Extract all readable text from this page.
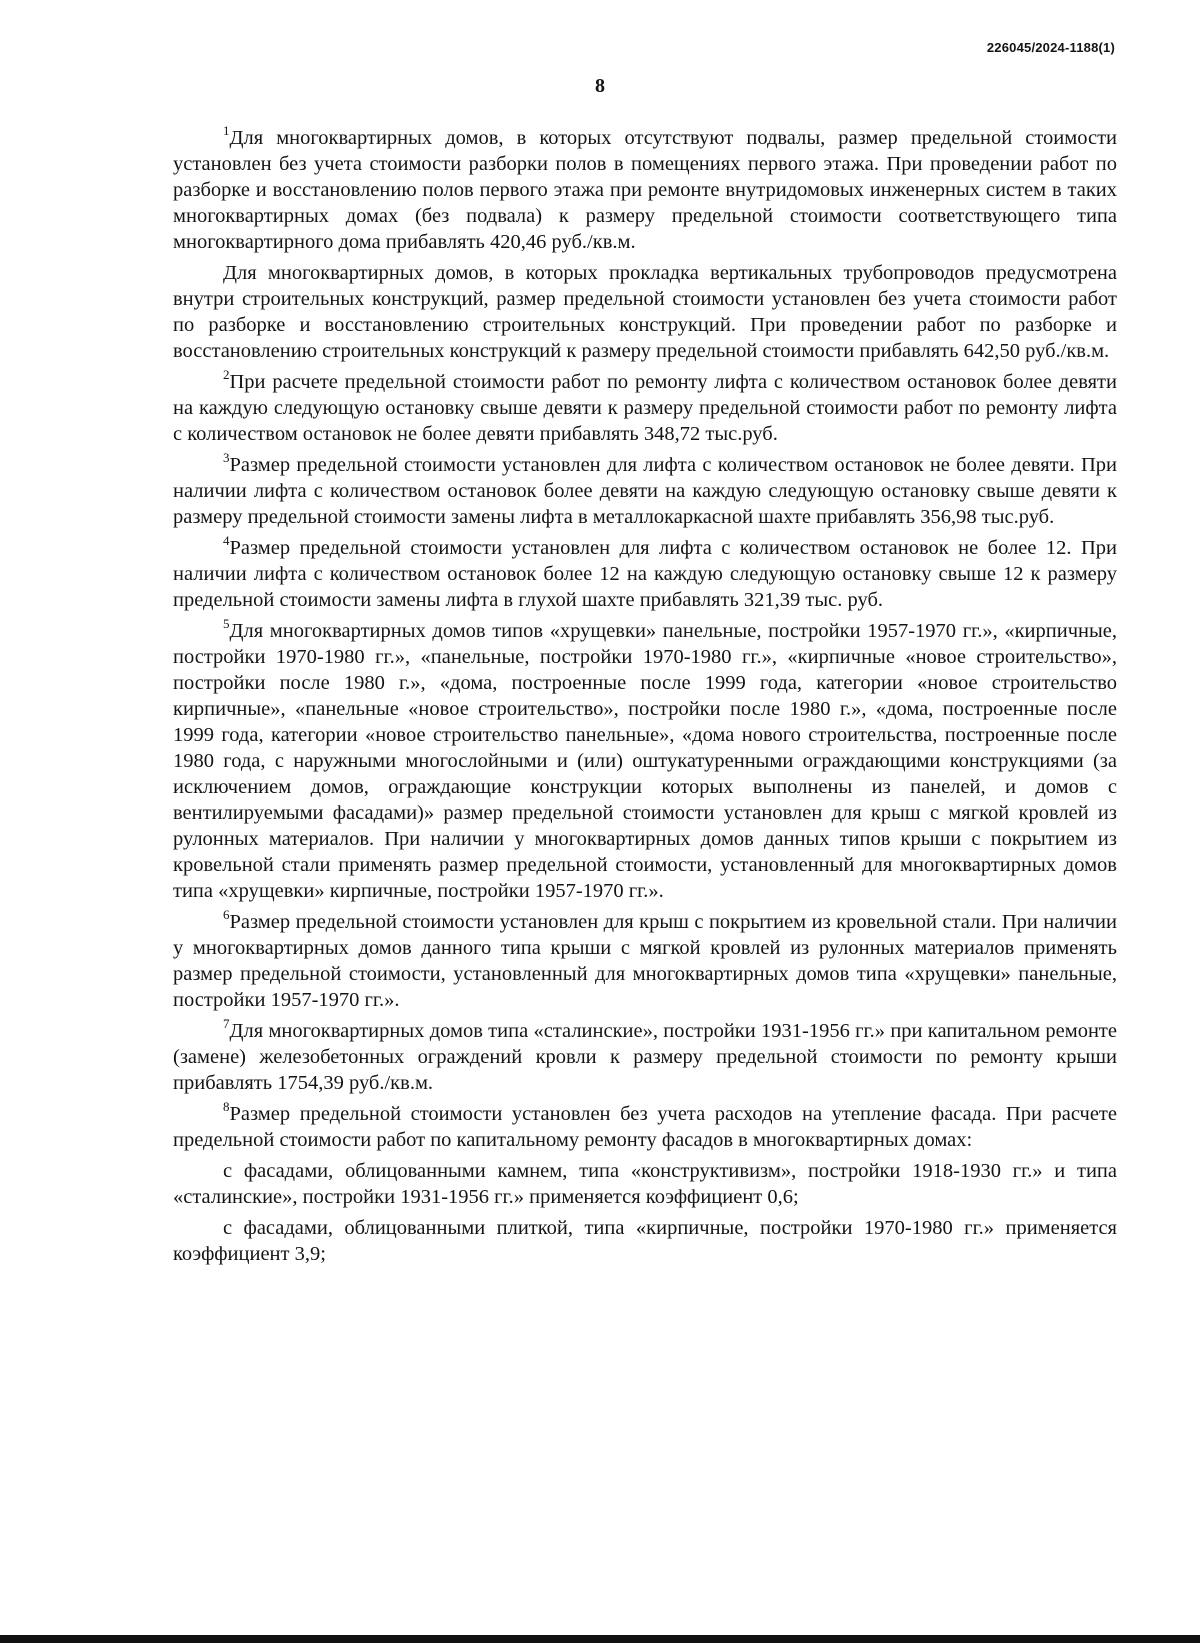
226045/2024-1188(1)
8

$^1$Для многоквартирных домов, в которых отсутствуют подвалы, размер предельной стоимости установлен без учета стоимости разборки полов в помещениях первого этажа. При проведении работ по разборке и восстановлению полов первого этажа при ремонте внутридомовых инженерных систем в таких многоквартирных домах (без подвала) к размеру предельной стоимости соответствующего типа многоквартирного дома прибавлять 420,46 руб./кв.м.

Для многоквартирных домов, в которых прокладка вертикальных трубопроводов предусмотрена внутри строительных конструкций, размер предельной стоимости установлен без учета стоимости работ по разборке и восстановлению строительных конструкций. При проведении работ по разборке и восстановлению строительных конструкций к размеру предельной стоимости прибавлять 642,50 руб./кв.м.

$^2$При расчете предельной стоимости работ по ремонту лифта с количеством остановок более девяти на каждую следующую остановку свыше девяти к размеру предельной стоимости работ по ремонту лифта с количеством остановок не более девяти прибавлять 348,72 тыс.руб.

$^3$Размер предельной стоимости установлен для лифта с количеством остановок не более девяти. При наличии лифта с количеством остановок более девяти на каждую следующую остановку свыше девяти к размеру предельной стоимости замены лифта в металлокаркасной шахте прибавлять 356,98 тыс.руб.

$^4$Размер предельной стоимости установлен для лифта с количеством остановок не более 12. При наличии лифта с количеством остановок более 12 на каждую следующую остановку свыше 12 к размеру предельной стоимости замены лифта в глухой шахте прибавлять 321,39 тыс. руб.

$^5$Для многоквартирных домов типов «хрущевки» панельные, постройки 1957-1970 гг.», «кирпичные, постройки 1970-1980 гг.», «панельные, постройки 1970-1980 гг.», «кирпичные «новое строительство», постройки после 1980 г.», «дома, построенные после 1999 года, категории «новое строительство кирпичные», «панельные «новое строительство», постройки после 1980 г.», «дома, построенные после 1999 года, категории «новое строительство панельные», «дома нового строительства, построенные после 1980 года, с наружными многослойными и (или) оштукатуренными ограждающими конструкциями (за исключением домов, ограждающие конструкции которых выполнены из панелей, и домов с вентилируемыми фасадами)» размер предельной стоимости установлен для крыш с мягкой кровлей из рулонных материалов. При наличии у многоквартирных домов данных типов крыши с покрытием из кровельной стали применять размер предельной стоимости, установленный для многоквартирных домов типа «хрущевки» кирпичные, постройки 1957-1970 гг.».

$^6$Размер предельной стоимости установлен для крыш с покрытием из кровельной стали. При наличии у многоквартирных домов данного типа крыши с мягкой кровлей из рулонных материалов применять размер предельной стоимости, установленный для многоквартирных домов типа «хрущевки» панельные, постройки 1957-1970 гг.».

$^7$Для многоквартирных домов типа «сталинские», постройки 1931-1956 гг.» при капитальном ремонте (замене) железобетонных ограждений кровли к размеру предельной стоимости по ремонту крыши прибавлять 1754,39 руб./кв.м.

$^8$Размер предельной стоимости установлен без учета расходов на утепление фасада. При расчете предельной стоимости работ по капитальному ремонту фасадов в многоквартирных домах:

с фасадами, облицованными камнем, типа «конструктивизм», постройки 1918-1930 гг.» и типа «сталинские», постройки 1931-1956 гг.» применяется коэффициент 0,6;

с фасадами, облицованными плиткой, типа «кирпичные, постройки 1970-1980 гг.» применяется коэффициент 3,9;
